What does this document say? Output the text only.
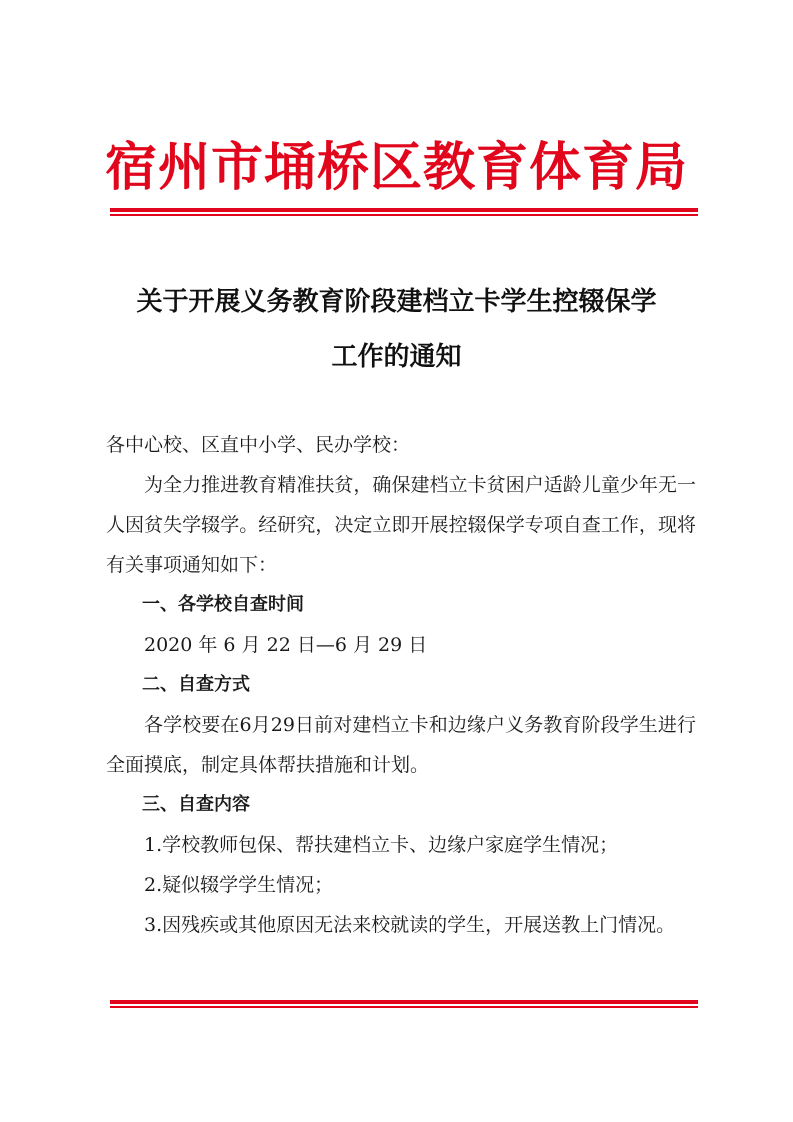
宿州市埇桥区教育体育局
关于开展义务教育阶段建档立卡学生控辍保学
工作的通知

各中心校、区直中小学、民办学校：

为全力推进教育精准扶贫，确保建档立卡贫困户适龄儿童少年无一人因贫失学辍学。经研究，决定立即开展控辍保学专项自查工作，现将有关事项通知如下：

一、各学校自查时间

2020 年 6 月 22 日—6 月 29 日

二、自查方式

各学校要在6月29日前对建档立卡和边缘户义务教育阶段学生进行全面摸底，制定具体帮扶措施和计划。

三、自查内容

1.学校教师包保、帮扶建档立卡、边缘户家庭学生情况；

2.疑似辍学学生情况；

3.因残疾或其他原因无法来校就读的学生，开展送教上门情况。
